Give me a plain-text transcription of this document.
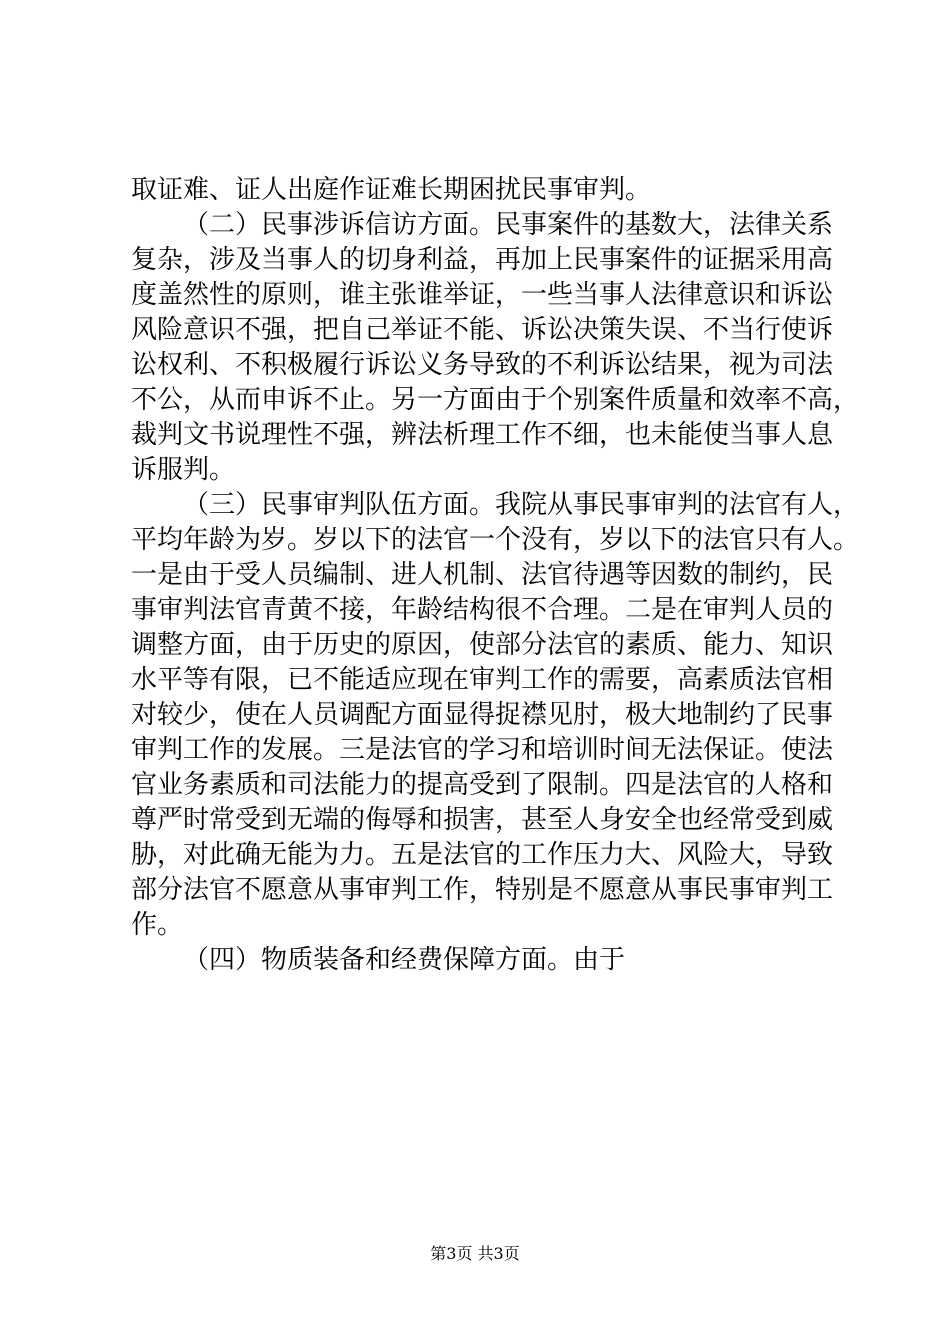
取证难、证人出庭作证难长期困扰民事审判。
（二）民事涉诉信访方面。民事案件的基数大，法律关系
复杂，涉及当事人的切身利益，再加上民事案件的证据采用高
度盖然性的原则，谁主张谁举证，一些当事人法律意识和诉讼
风险意识不强，把自己举证不能、诉讼决策失误、不当行使诉
讼权利、不积极履行诉讼义务导致的不利诉讼结果，视为司法
不公，从而申诉不止。另一方面由于个别案件质量和效率不高，
裁判文书说理性不强，辨法析理工作不细，也未能使当事人息
诉服判。
（三）民事审判队伍方面。我院从事民事审判的法官有人，
平均年龄为岁。岁以下的法官一个没有，岁以下的法官只有人。
一是由于受人员编制、进人机制、法官待遇等因数的制约，民
事审判法官青黄不接，年龄结构很不合理。二是在审判人员的
调整方面，由于历史的原因，使部分法官的素质、能力、知识
水平等有限，已不能适应现在审判工作的需要，高素质法官相
对较少，使在人员调配方面显得捉襟见肘，极大地制约了民事
审判工作的发展。三是法官的学习和培训时间无法保证。使法
官业务素质和司法能力的提高受到了限制。四是法官的人格和
尊严时常受到无端的侮辱和损害，甚至人身安全也经常受到威
胁，对此确无能为力。五是法官的工作压力大、风险大，导致
部分法官不愿意从事审判工作，特别是不愿意从事民事审判工
作。
（四）物质装备和经费保障方面。由于
第3页 共3页
